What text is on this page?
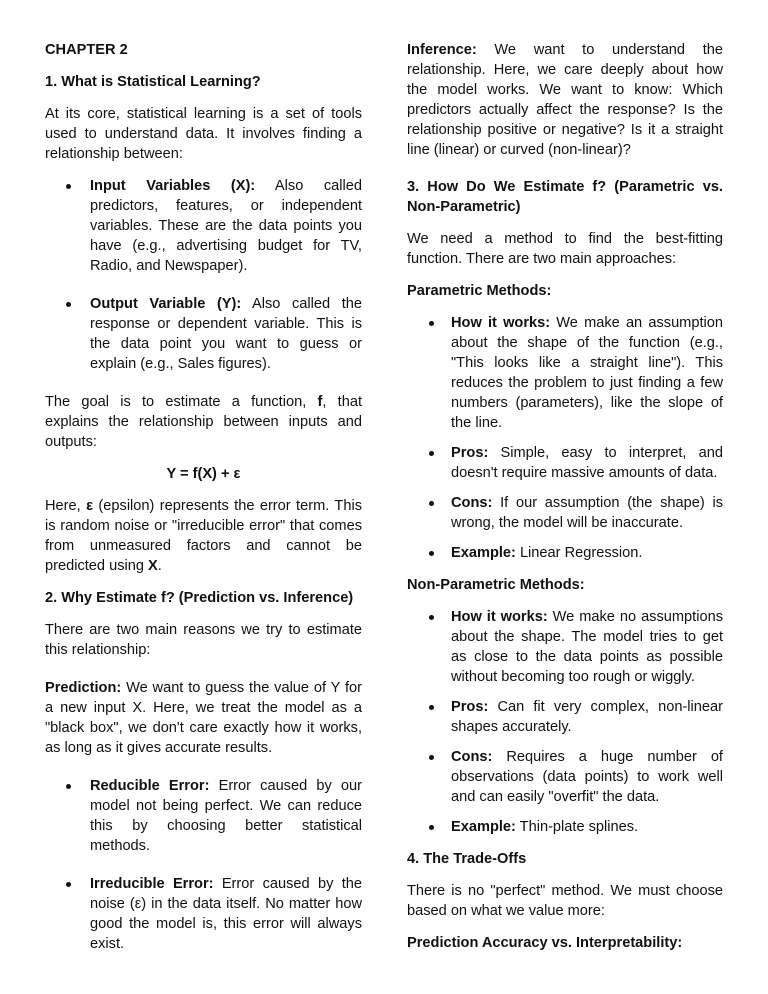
CHAPTER 2
1. What is Statistical Learning?

At its core, statistical learning is a set of tools used to understand data. It involves finding a relationship between:

Input Variables (X): Also called predictors, features, or independent variables. These are the data points you have (e.g., advertising budget for TV, Radio, and Newspaper).
Output Variable (Y): Also called the response or dependent variable. This is the data point you want to guess or explain (e.g., Sales figures).

The goal is to estimate a function, f, that explains the relationship between inputs and outputs:

Y = f(X) + ε

Here, ε (epsilon) represents the error term. This is random noise or "irreducible error" that comes from unmeasured factors and cannot be predicted using X.

2. Why Estimate f? (Prediction vs. Inference)

There are two main reasons we try to estimate this relationship:

Prediction: We want to guess the value of Y for a new input X. Here, we treat the model as a "black box", we don't care exactly how it works, as long as it gives accurate results.

Reducible Error: Error caused by our model not being perfect. We can reduce this by choosing better statistical methods.
Irreducible Error: Error caused by the noise (ε) in the data itself. No matter how good the model is, this error will always exist.

Inference: We want to understand the relationship. Here, we care deeply about how the model works. We want to know: Which predictors actually affect the response? Is the relationship positive or negative? Is it a straight line (linear) or curved (non-linear)?

3. How Do We Estimate f? (Parametric vs. Non-Parametric)

We need a method to find the best-fitting function. There are two main approaches:

Parametric Methods:
How it works: We make an assumption about the shape of the function (e.g., "This looks like a straight line"). This reduces the problem to just finding a few numbers (parameters), like the slope of the line.
Pros: Simple, easy to interpret, and doesn't require massive amounts of data.
Cons: If our assumption (the shape) is wrong, the model will be inaccurate.
Example: Linear Regression.
Non-Parametric Methods:
How it works: We make no assumptions about the shape. The model tries to get as close to the data points as possible without becoming too rough or wiggly.
Pros: Can fit very complex, non-linear shapes accurately.
Cons: Requires a huge number of observations (data points) to work well and can easily "overfit" the data.
Example: Thin-plate splines.
4. The Trade-Offs

There is no "perfect" method. We must choose based on what we value more:

Prediction Accuracy vs. Interpretability:
